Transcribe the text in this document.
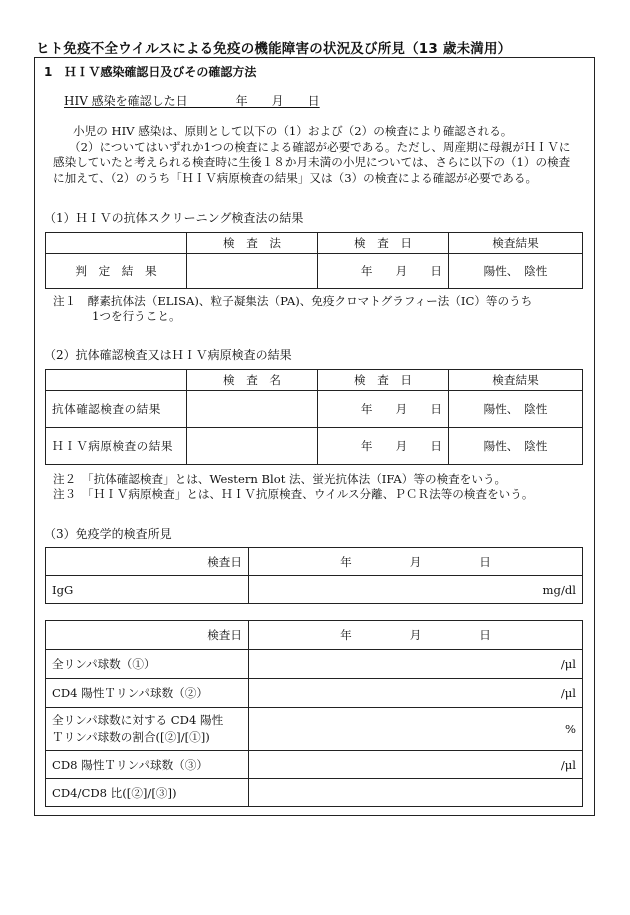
ヒト免疫不全ウイルスによる免疫の機能障害の状況及び所見（13 歳未満用）
1　ＨＩＶ感染確認日及びその確認方法
HIV 感染を確認した日　　　　年　　月　　日

小児の HIV 感染は、原則として以下の（1）および（2）の検査により確認される。

（2）についてはいずれか1つの検査による確認が必要である。ただし、周産期に母親がＨＩＶに感染していたと考えられる検査時に生後１８か月未満の小児については、さらに以下の（1）の検査に加えて、（2）のうち「ＨＩＶ病原検査の結果」又は（3）の検査による確認が必要である。

（1）ＨＩＶの抗体スクリーニング検査法の結果
	検　査　法	検　査　日	検査結果
判　定　結　果		年　　月　　日	陽性、　陰性
注１　酵素抗体法（ELISA)、粒子凝集法（PA)、免疫クロマトグラフィー法（IC）等のうち
1つを行うこと。
（2）抗体確認検査又はＨＩＶ病原検査の結果
	検　査　名	検　査　日	検査結果
抗体確認検査の結果		年　　月　　日	陽性、　陰性
ＨＩＶ病原検査の結果		年　　月　　日	陽性、　陰性
注２　「抗体確認検査」とは、Western Blot 法、蛍光抗体法（IFA）等の検査をいう。
注３　「ＨＩＶ病原検査」とは、ＨＩＶ抗原検査、ウイルス分離、ＰＣＲ法等の検査をいう。
（3）免疫学的検査所見
検査日	年　　　　　月　　　　　日
IgG	mg/dl
検査日	年　　　　　月　　　　　日
全リンパ球数（①）	/μl
CD4 陽性Ｔリンパ球数（②）	/μl

全リンパ球数に対する CD4 陽性
Ｔリンパ球数の割合([②]/[①])	%
CD8 陽性Ｔリンパ球数（③）	/μl
CD4/CD8 比([②]/[③])	
